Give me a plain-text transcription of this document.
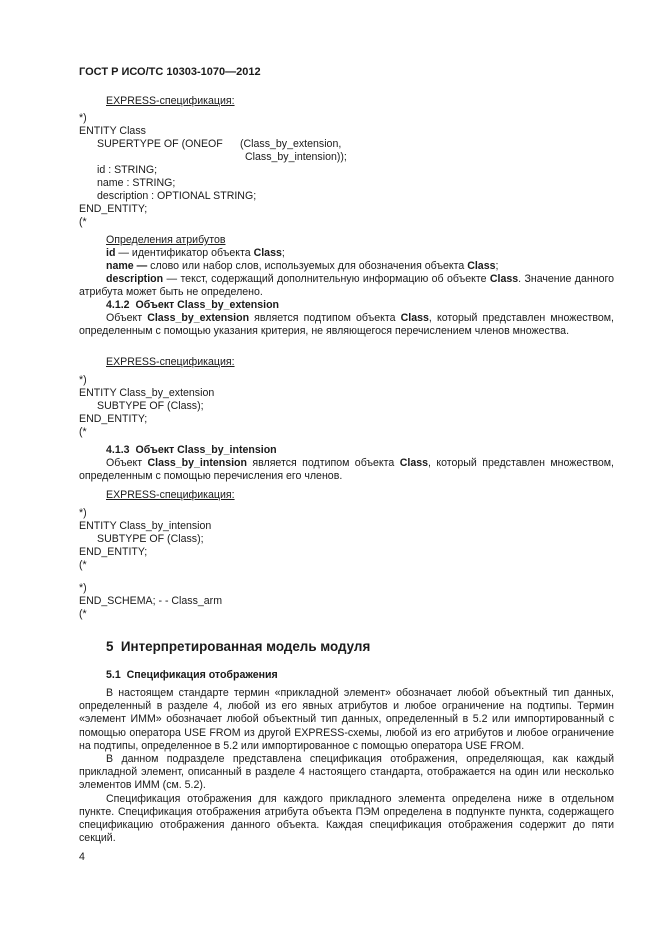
ГОСТ Р ИСО/ТС 10303-1070—2012
EXPRESS-спецификация:
*)
ENTITY Class
SUPERTYPE OF (ONEOF (Class_by_extension,
Class_by_intension));
id : STRING;
name : STRING;
description : OPTIONAL STRING;
END_ENTITY;
(*
Определения атрибутов
id — идентификатор объекта Class;
name — слово или набор слов, используемых для обозначения объекта Class;

description — текст, содержащий дополнительную информацию об объекте Class. Значение данного атрибута может быть не определено.

4.1.2  Объект Class_by_extension

Объект Class_by_extension является подтипом объекта Class, который представлен множеством, определенным с помощью указания критерия, не являющегося перечислением членов множества.

EXPRESS-спецификация:
*)
ENTITY Class_by_extension
SUBTYPE OF (Class);
END_ENTITY;
(*
4.1.3  Объект Class_by_intension

Объект Class_by_intension является подтипом объекта Class, который представлен множеством, определенным с помощью перечисления его членов.

EXPRESS-спецификация:
*)
ENTITY Class_by_intension
SUBTYPE OF (Class);
END_ENTITY;
(*
*)
END_SCHEMA; - - Class_arm
(*
5  Интерпретированная модель модуля
5.1  Спецификация отображения

В настоящем стандарте термин «прикладной элемент» обозначает любой объектный тип данных, определенный в разделе 4, любой из его явных атрибутов и любое ограничение на подтипы. Термин «элемент ИММ» обозначает любой объектный тип данных, определенный в 5.2 или импортированный с помощью оператора USE FROM из другой EXPRESS-схемы, любой из его атрибутов и любое ограничение на подтипы, определенное в 5.2 или импортированное с помощью оператора USE FROM.

В данном подразделе представлена спецификация отображения, определяющая, как каждый прикладной элемент, описанный в разделе 4 настоящего стандарта, отображается на один или несколько элементов ИММ (см. 5.2).

Спецификация отображения для каждого прикладного элемента определена ниже в отдельном пункте. Спецификация отображения атрибута объекта ПЭМ определена в подпункте пункта, содержащего спецификацию отображения данного объекта. Каждая спецификация отображения содержит до пяти секций.

4
